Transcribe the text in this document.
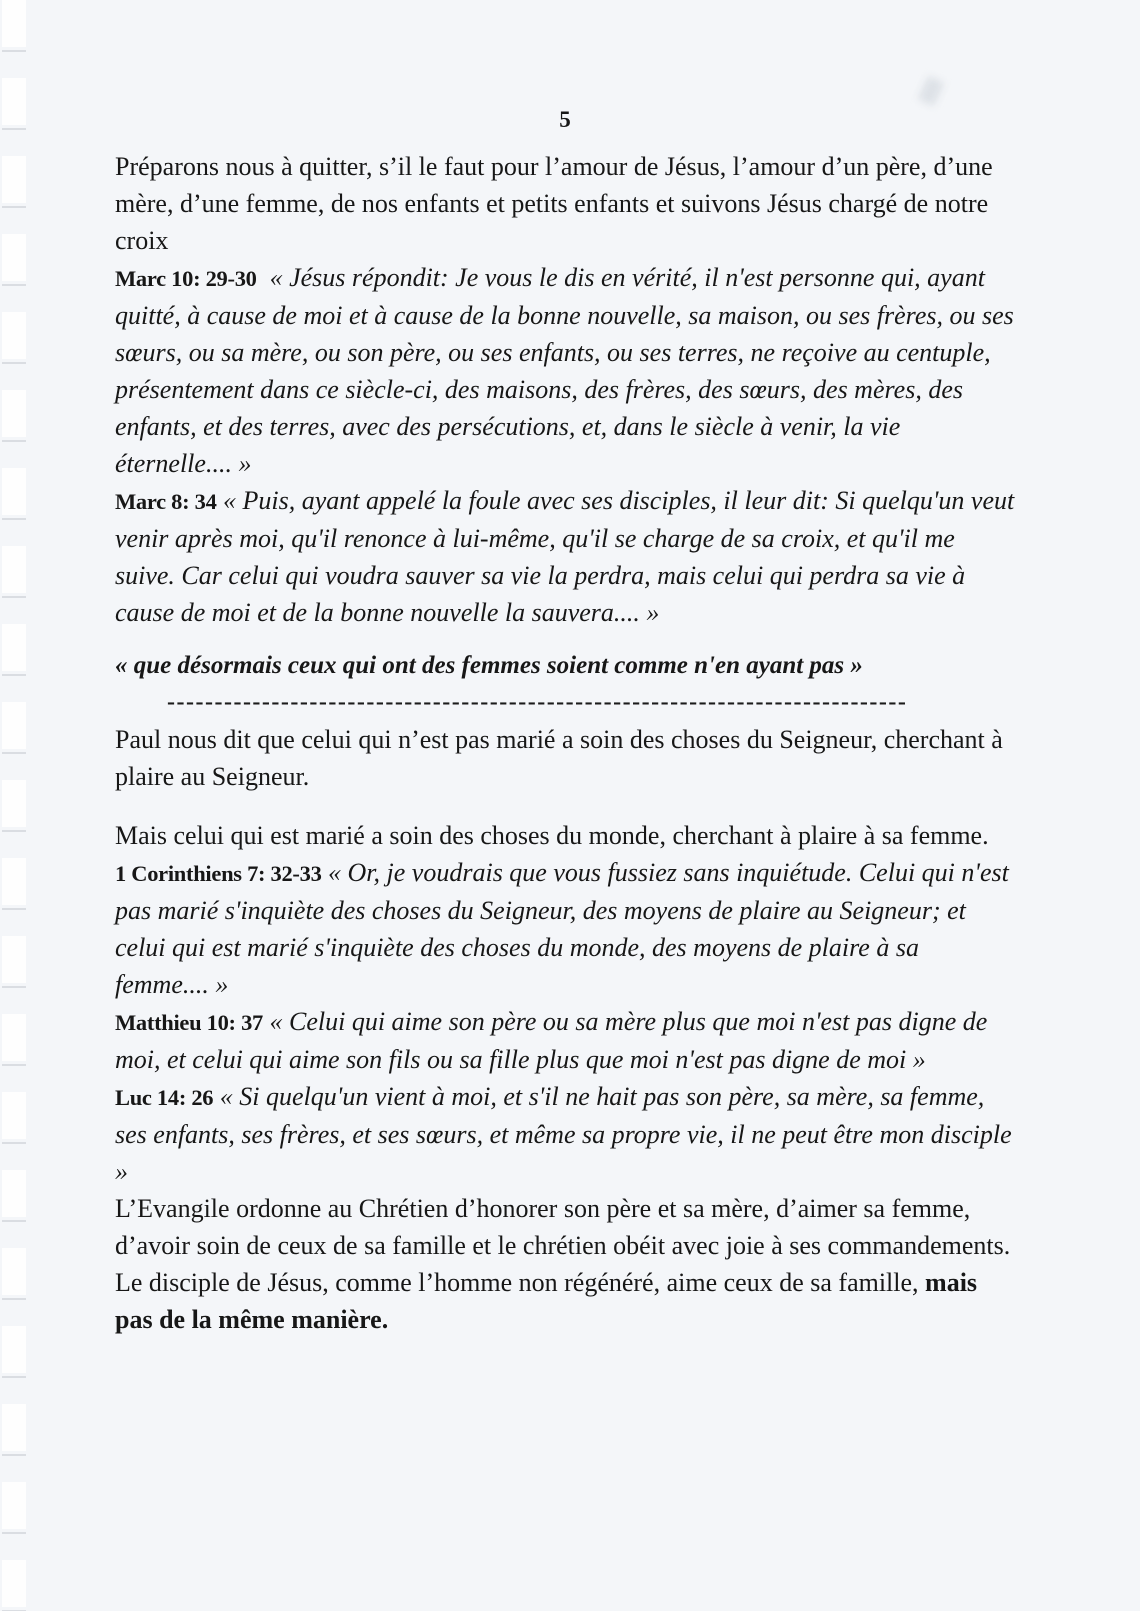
5

Préparons nous à quitter, s’il le faut pour l’amour de Jésus, l’amour d’un père, d’une mère, d’une femme, de nos enfants et petits enfants et suivons Jésus chargé de notre croix

Marc 10: 29-30 « Jésus répondit: Je vous le dis en vérité, il n'est personne qui, ayant quitté, à cause de moi et à cause de la bonne nouvelle, sa maison, ou ses frères, ou ses sœurs, ou sa mère, ou son père, ou ses enfants, ou ses terres, ne reçoive au centuple, présentement dans ce siècle-ci, des maisons, des frères, des sœurs, des mères, des enfants, et des terres, avec des persécutions, et, dans le siècle à venir, la vie éternelle.... »

Marc 8: 34 « Puis, ayant appelé la foule avec ses disciples, il leur dit: Si quelqu'un veut venir après moi, qu'il renonce à lui-même, qu'il se charge de sa croix, et qu'il me suive. Car celui qui voudra sauver sa vie la perdra, mais celui qui perdra sa vie à cause de moi et de la bonne nouvelle la sauvera.... »

« que désormais ceux qui ont des femmes soient comme n'en ayant pas »

------------------------------------------------------------------------------

Paul nous dit que celui qui n’est pas marié a soin des choses du Seigneur, cherchant à plaire au Seigneur.

Mais celui qui est marié a soin des choses du monde, cherchant à plaire à sa femme.

1 Corinthiens 7: 32-33 « Or, je voudrais que vous fussiez sans inquiétude. Celui qui n'est pas marié s'inquiète des choses du Seigneur, des moyens de plaire au Seigneur; et celui qui est marié s'inquiète des choses du monde, des moyens de plaire à sa femme.... »

Matthieu 10: 37 « Celui qui aime son père ou sa mère plus que moi n'est pas digne de moi, et celui qui aime son fils ou sa fille plus que moi n'est pas digne de moi »

Luc 14: 26 « Si quelqu'un vient à moi, et s'il ne hait pas son père, sa mère, sa femme, ses enfants, ses frères, et ses sœurs, et même sa propre vie, il ne peut être mon disciple »

L’Evangile ordonne au Chrétien d’honorer son père et sa mère, d’aimer sa femme, d’avoir soin de ceux de sa famille et le chrétien obéit avec joie à ses commandements.

Le disciple de Jésus, comme l’homme non régénéré, aime ceux de sa famille, mais pas de la même manière.
